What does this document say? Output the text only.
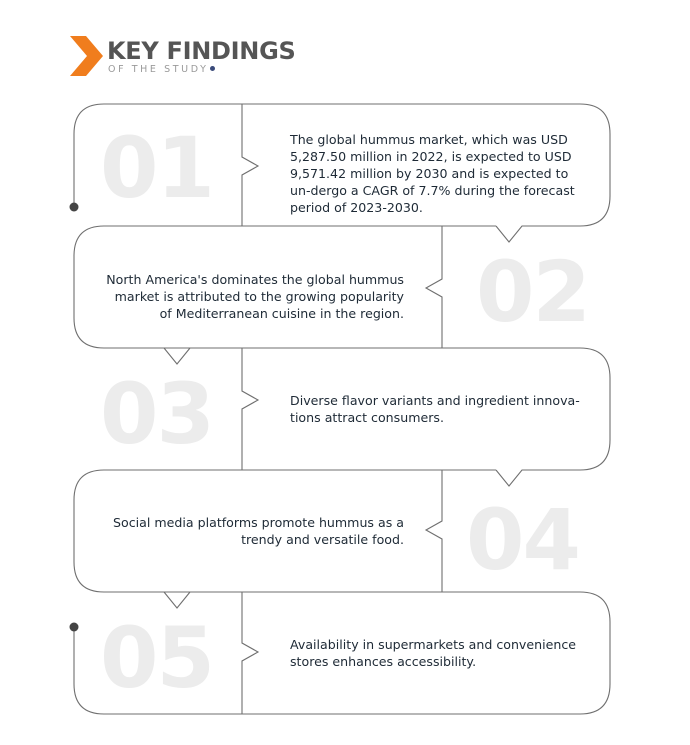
KEY FINDINGS
OF THE STUDY
01	The global hummus market, which was USD 5,287.50 million in 2022, is expected to USD 9,571.42 million by 2030 and is expected to un-dergo a CAGR of 7.7% during the forecast period of 2023-2030.
02
North America's dominates the global hummus market is attributed to the growing popularity of Mediterranean cuisine in the region.
03	Diverse flavor variants and ingredient innova-tions attract consumers.
04
Social media platforms promote hummus as a trendy and versatile food.
05	Availability in supermarkets and convenience stores enhances accessibility.
